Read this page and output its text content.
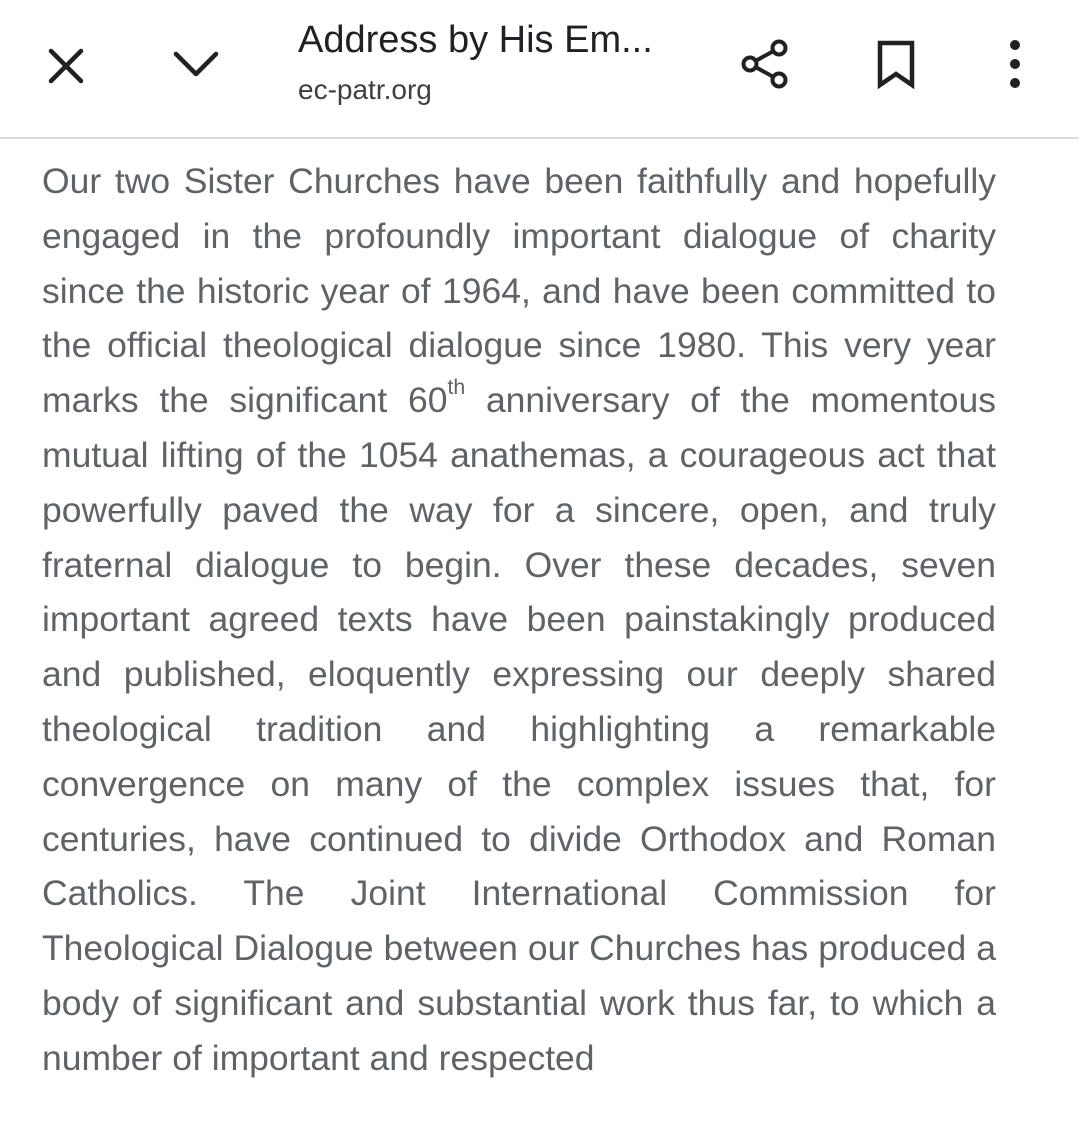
Address by His Em...
ec-patr.org

Our two Sister Churches have been faithfully and hopefully engaged in the profoundly important dialogue of charity since the historic year of 1964, and have been committed to the official theological dialogue since 1980. This very year marks the significant 60th anniversary of the momentous mutual lifting of the 1054 anathemas, a courageous act that powerfully paved the way for a sincere, open, and truly fraternal dialogue to begin. Over these decades, seven important agreed texts have been painstakingly produced and published, eloquently expressing our deeply shared theological tradition and highlighting a remarkable convergence on many of the complex issues that, for centuries, have continued to divide Orthodox and Roman Catholics. The Joint International Commission for Theological Dialogue between our Churches has produced a body of significant and substantial work thus far, to which a number of important and respected
